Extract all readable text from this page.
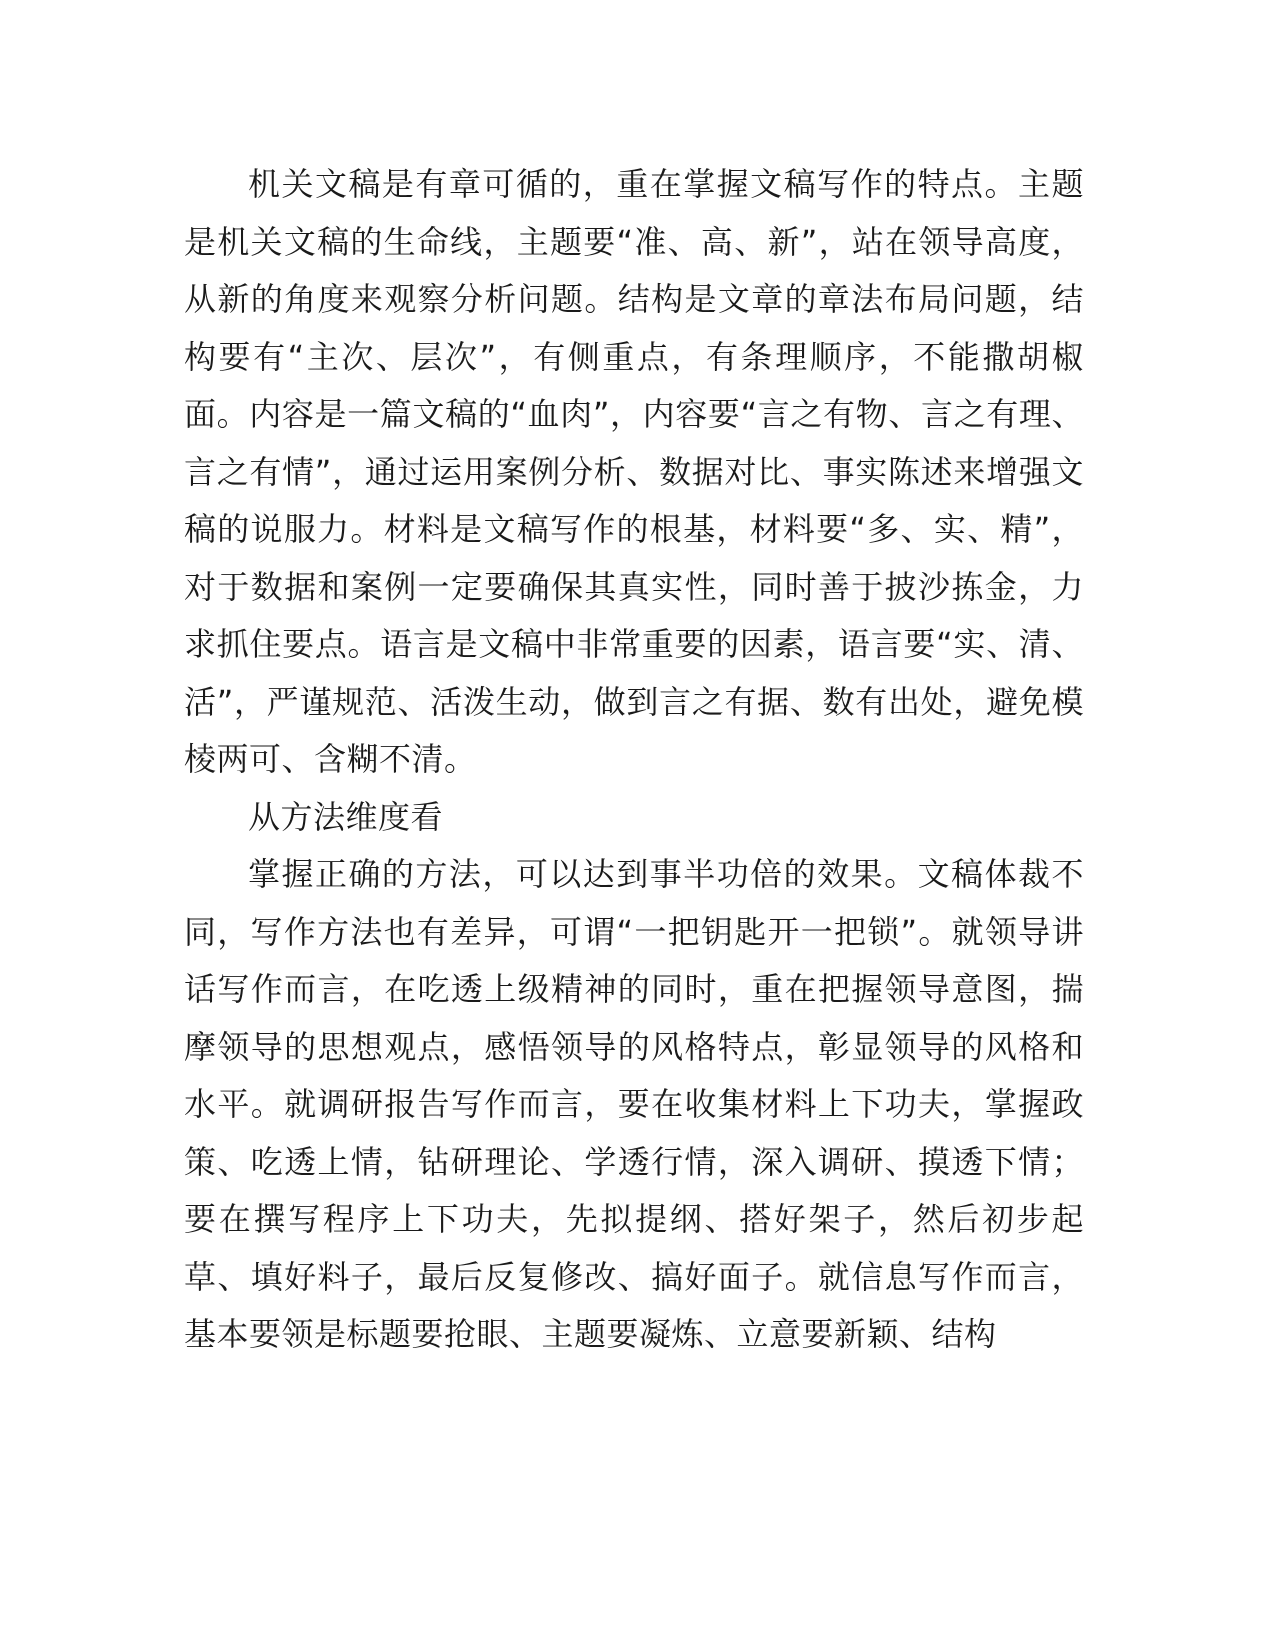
机关文稿是有章可循的，重在掌握文稿写作的特点。主题是机关文稿的生命线，主题要“准、高、新”，站在领导高度，从新的角度来观察分析问题。结构是文章的章法布局问题，结构要有“主次、层次”，有侧重点，有条理顺序，不能撒胡椒面。内容是一篇文稿的“血肉”，内容要“言之有物、言之有理、言之有情”，通过运用案例分析、数据对比、事实陈述来增强文稿的说服力。材料是文稿写作的根基，材料要“多、实、精”，对于数据和案例一定要确保其真实性，同时善于披沙拣金，力求抓住要点。语言是文稿中非常重要的因素，语言要“实、清、活”，严谨规范、活泼生动，做到言之有据、数有出处，避免模棱两可、含糊不清。

从方法维度看

掌握正确的方法，可以达到事半功倍的效果。文稿体裁不同，写作方法也有差异，可谓“一把钥匙开一把锁”。就领导讲话写作而言，在吃透上级精神的同时，重在把握领导意图，揣摩领导的思想观点，感悟领导的风格特点，彰显领导的风格和水平。就调研报告写作而言，要在收集材料上下功夫，掌握政策、吃透上情，钻研理论、学透行情，深入调研、摸透下情；要在撰写程序上下功夫，先拟提纲、搭好架子，然后初步起草、填好料子，最后反复修改、搞好面子。就信息写作而言，基本要领是标题要抢眼、主题要凝炼、立意要新颖、结构
